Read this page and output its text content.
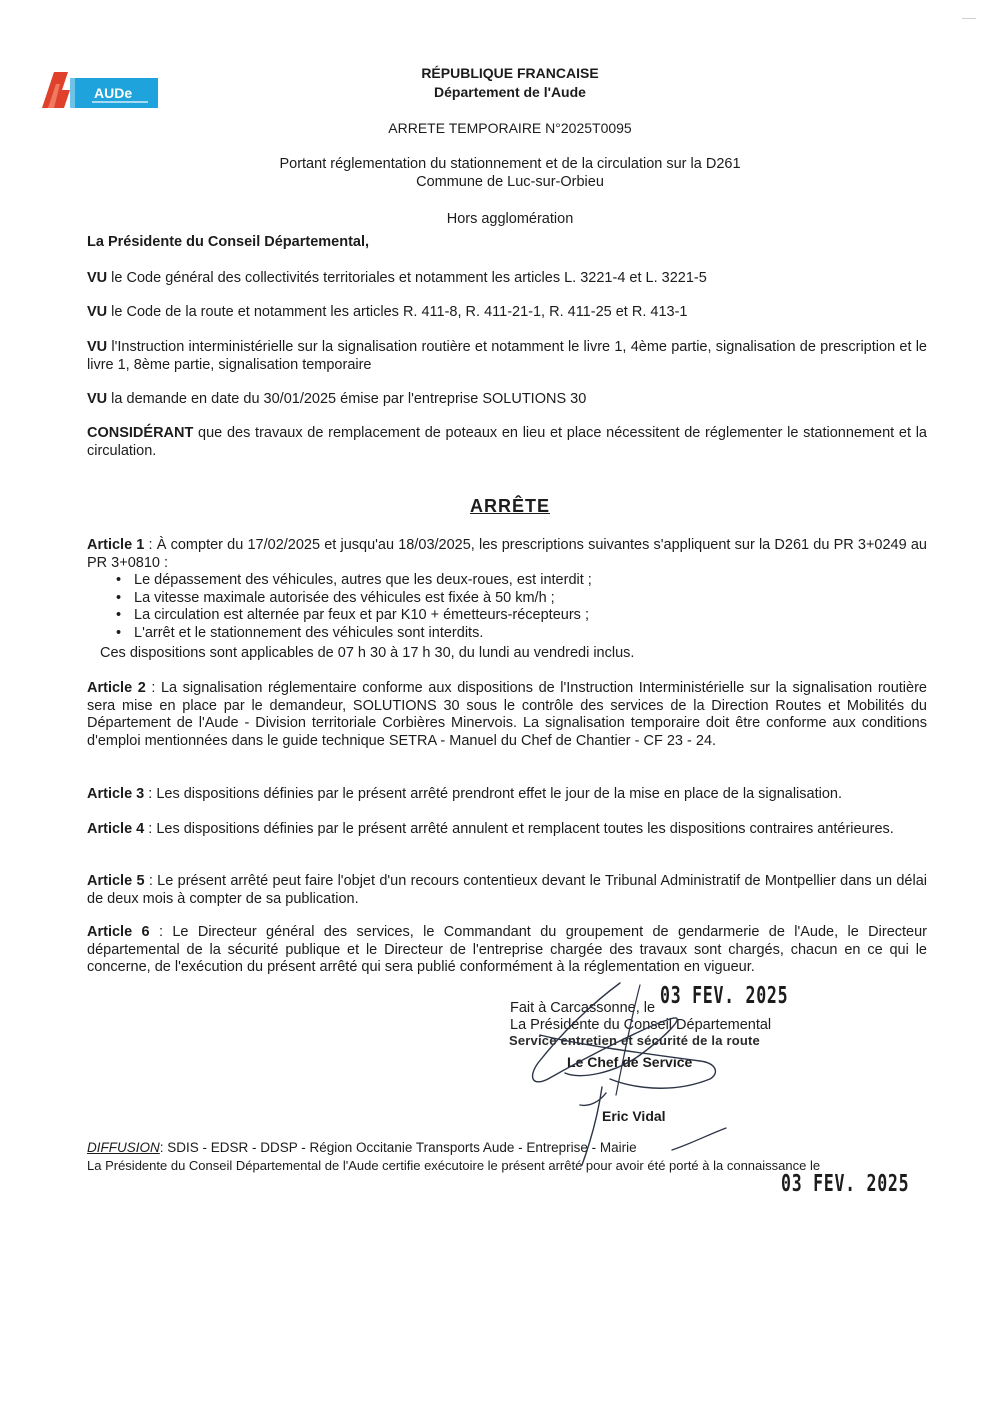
AUDe
RÉPUBLIQUE FRANCAISE
Département de l'Aude
ARRETE TEMPORAIRE N°2025T0095
Portant réglementation du stationnement et de la circulation sur la D261
Commune de Luc-sur-Orbieu
Hors agglomération
La Présidente du Conseil Départemental,
VU le Code général des collectivités territoriales et notamment les articles L. 3221-4 et L. 3221-5
VU le Code de la route et notamment les articles R. 411-8, R. 411-21-1, R. 411-25 et R. 413-1
VU l'Instruction interministérielle sur la signalisation routière et notamment le livre 1, 4ème partie, signalisation de prescription et le livre 1, 8ème partie, signalisation temporaire
VU la demande en date du 30/01/2025 émise par l'entreprise SOLUTIONS 30
CONSIDÉRANT que des travaux de remplacement de poteaux en lieu et place nécessitent de réglementer le stationnement et la circulation.
ARRÊTE
Article 1 : À compter du 17/02/2025 et jusqu'au 18/03/2025, les prescriptions suivantes s'appliquent sur la D261 du PR 3+0249 au PR 3+0810 :
• Le dépassement des véhicules, autres que les deux-roues, est interdit ;
• La vitesse maximale autorisée des véhicules est fixée à 50 km/h ;
• La circulation est alternée par feux et par K10 + émetteurs-récepteurs ;
• L'arrêt et le stationnement des véhicules sont interdits.
Ces dispositions sont applicables de 07 h 30 à 17 h 30, du lundi au vendredi inclus.
Article 2 : La signalisation réglementaire conforme aux dispositions de l'Instruction Interministérielle sur la signalisation routière sera mise en place par le demandeur, SOLUTIONS 30 sous le contrôle des services de la Direction Routes et Mobilités du Département de l'Aude - Division territoriale Corbières Minervois. La signalisation temporaire doit être conforme aux conditions d'emploi mentionnées dans le guide technique SETRA - Manuel du Chef de Chantier - CF 23 - 24.
Article 3 : Les dispositions définies par le présent arrêté prendront effet le jour de la mise en place de la signalisation.
Article 4 : Les dispositions définies par le présent arrêté annulent et remplacent toutes les dispositions contraires antérieures.
Article 5 : Le présent arrêté peut faire l'objet d'un recours contentieux devant le Tribunal Administratif de Montpellier dans un délai de deux mois à compter de sa publication.
Article 6 : Le Directeur général des services, le Commandant du groupement de gendarmerie de l'Aude, le Directeur départemental de la sécurité publique et le Directeur de l'entreprise chargée des travaux sont chargés, chacun en ce qui le concerne, de l'exécution du présent arrêté qui sera publié conformément à la réglementation en vigueur.
Fait à Carcassonne, le
La Présidente du Conseil Départemental
Service entretien et sécurité de la route
Le Chef de Service
Eric Vidal
03 FEV. 2025
DIFFUSION: SDIS - EDSR - DDSP - Région Occitanie Transports Aude - Entreprise - Mairie
La Présidente du Conseil Départemental de l'Aude certifie exécutoire le présent arrêté pour avoir été porté à la connaissance le
03 FEV. 2025
